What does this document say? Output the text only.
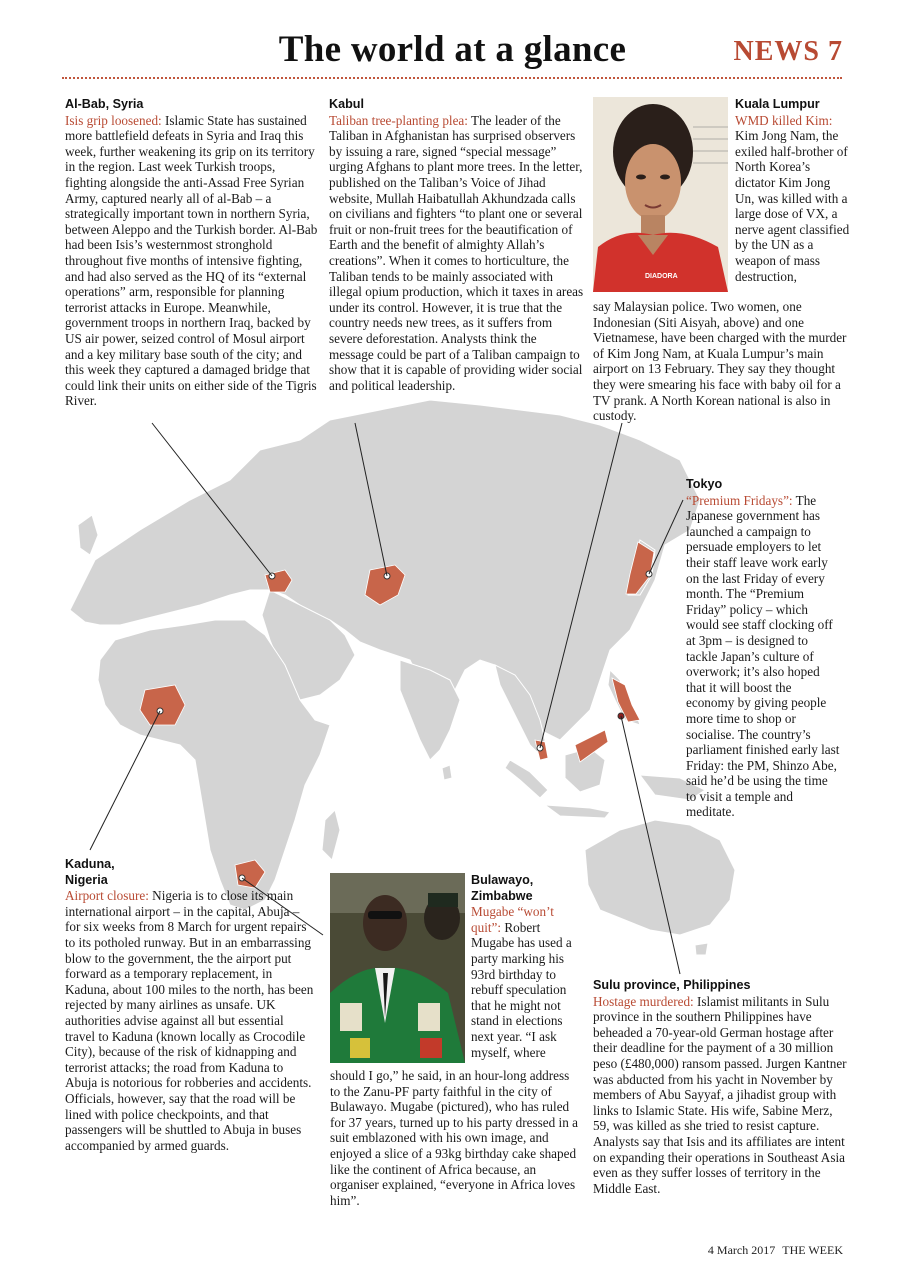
The world at a glance	NEWS 7
Al-Bab, Syria
Isis grip loosened: Islamic State has sustained more battlefield defeats in Syria and Iraq this week, further weakening its grip on its territory in the region. Last week Turkish troops, fighting alongside the anti-Assad Free Syrian Army, captured nearly all of al-Bab – a strategically important town in northern Syria, between Aleppo and the Turkish border. Al-Bab had been Isis’s westernmost stronghold throughout five months of intensive fighting, and had also served as the HQ of its “external operations” arm, responsible for planning terrorist attacks in Europe. Meanwhile, government troops in northern Iraq, backed by US air power, seized control of Mosul airport and a key military base south of the city; and this week they captured a damaged bridge that could link their units on either side of the Tigris River.
Kabul
Taliban tree-planting plea: The leader of the Taliban in Afghanistan has surprised observers by issuing a rare, signed “special message” urging Afghans to plant more trees. In the letter, published on the Taliban’s Voice of Jihad website, Mullah Haibatullah Akhundzada calls on civilians and fighters “to plant one or several fruit or non-fruit trees for the beautification of Earth and the benefit of almighty Allah’s creations”. When it comes to horticulture, the Taliban tends to be mainly associated with illegal opium production, which it taxes in areas under its control. However, it is true that the country needs new trees, as it suffers from severe deforestation. Analysts think the message could be part of a Taliban campaign to show that it is capable of providing wider social and political leadership.
DIADORA
Kuala Lumpur
WMD killed Kim:
Kim Jong Nam, the exiled half-brother of North Korea’s dictator Kim Jong Un, was killed with a large dose of VX, a nerve agent classified by the UN as a weapon of mass destruction,
say Malaysian police. Two women, one Indonesian (Siti Aisyah, above) and one Vietnamese, have been charged with the murder of Kim Jong Nam, at Kuala Lumpur’s main airport on 13 February. They say they thought they were smearing his face with baby oil for a TV prank. A North Korean national is also in custody.
Tokyo
“Premium Fridays”: The Japanese government has launched a campaign to persuade employers to let their staff leave work early on the last Friday of every month. The “Premium Friday” policy – which would see staff clocking off at 3pm – is designed to tackle Japan’s culture of overwork; it’s also hoped that it will boost the economy by giving people more time to shop or socialise. The country’s parliament finished early last Friday: the PM, Shinzo Abe, said he’d be using the time to visit a temple and meditate.
Kaduna,
Nigeria
Airport closure: Nigeria is to close its main international airport – in the capital, Abuja – for six weeks from 8 March for urgent repairs to its potholed runway. But in an embarrassing blow to the government, the the airport put forward as a temporary replacement, in Kaduna, about 100 miles to the north, has been rejected by many airlines as unsafe. UK authorities advise against all but essential travel to Kaduna (known locally as Crocodile City), because of the risk of kidnapping and terrorist attacks; the road from Kaduna to Abuja is notorious for robberies and accidents. Officials, however, say that the road will be lined with police checkpoints, and that passengers will be shuttled to Abuja in buses accompanied by armed guards.
Bulawayo,
Zimbabwe
Mugabe “won’t quit”: Robert Mugabe has used a party marking his 93rd birthday to rebuff speculation that he might not stand in elections next year. “I ask myself, where
should I go,” he said, in an hour-long address to the Zanu-PF party faithful in the city of Bulawayo. Mugabe (pictured), who has ruled for 37 years, turned up to his party dressed in a suit emblazoned with his own image, and enjoyed a slice of a 93kg birthday cake shaped like the continent of Africa because, an organiser explained, “everyone in Africa loves him”.
Sulu province, Philippines
Hostage murdered: Islamist militants in Sulu province in the southern Philippines have beheaded a 70-year-old German hostage after their deadline for the payment of a 30 million peso (£480,000) ransom passed. Jurgen Kantner was abducted from his yacht in November by members of Abu Sayyaf, a jihadist group with links to Islamic State. His wife, Sabine Merz, 59, was killed as she tried to resist capture. Analysts say that Isis and its affiliates are intent on expanding their operations in Southeast Asia even as they suffer losses of territory in the Middle East.
4 March 2017 THE WEEK
